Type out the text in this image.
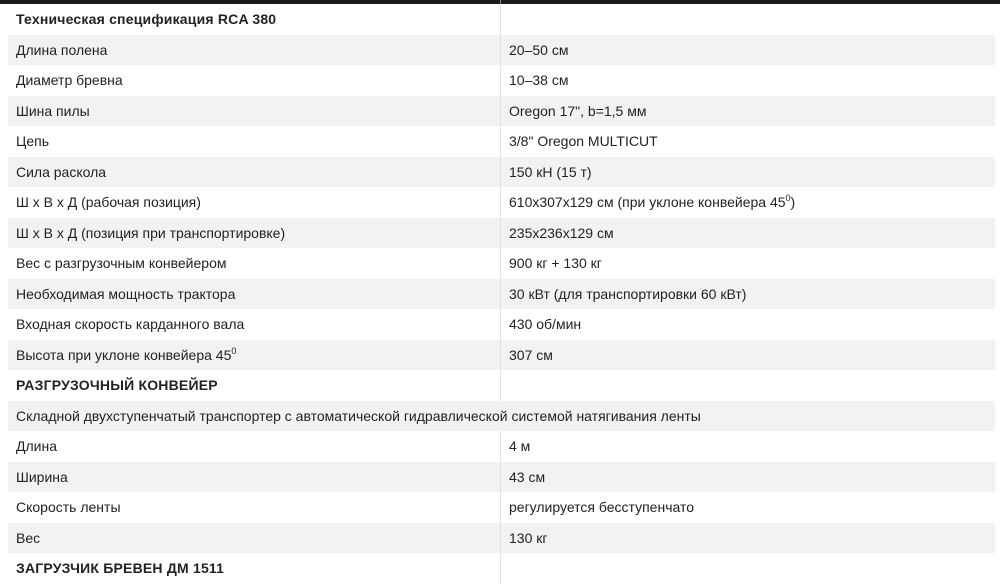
Техническая спецификация RCA 380	
Длина полена	20–50 см
Диаметр бревна	10–38 см
Шина пилы	Oregon 17", b=1,5 мм
Цепь	3/8" Oregon MULTICUT
Сила раскола	150 кН (15 т)
Ш х В х Д (рабочая позиция)	610х307х129 см (при уклоне конвейера $45^0$)
Ш х В х Д (позиция при транспортировке)	235х236х129 см
Вес с разгрузочным конвейером	900 кг + 130 кг
Необходимая мощность трактора	30 кВт (для транспортировки 60 кВт)
Входная скорость карданного вала	430 об/мин
Высота при уклоне конвейера $45^0$	307 см
РАЗГРУЗОЧНЫЙ КОНВЕЙЕР	
Складной двухступенчатый транспортер с автоматической гидравлической системой натягивания ленты	
Длина	4 м
Ширина	43 см
Скорость ленты	регулируется бесступенчато
Вес	130 кг
ЗАГРУЗЧИК БРЕВЕН ДМ 1511	
